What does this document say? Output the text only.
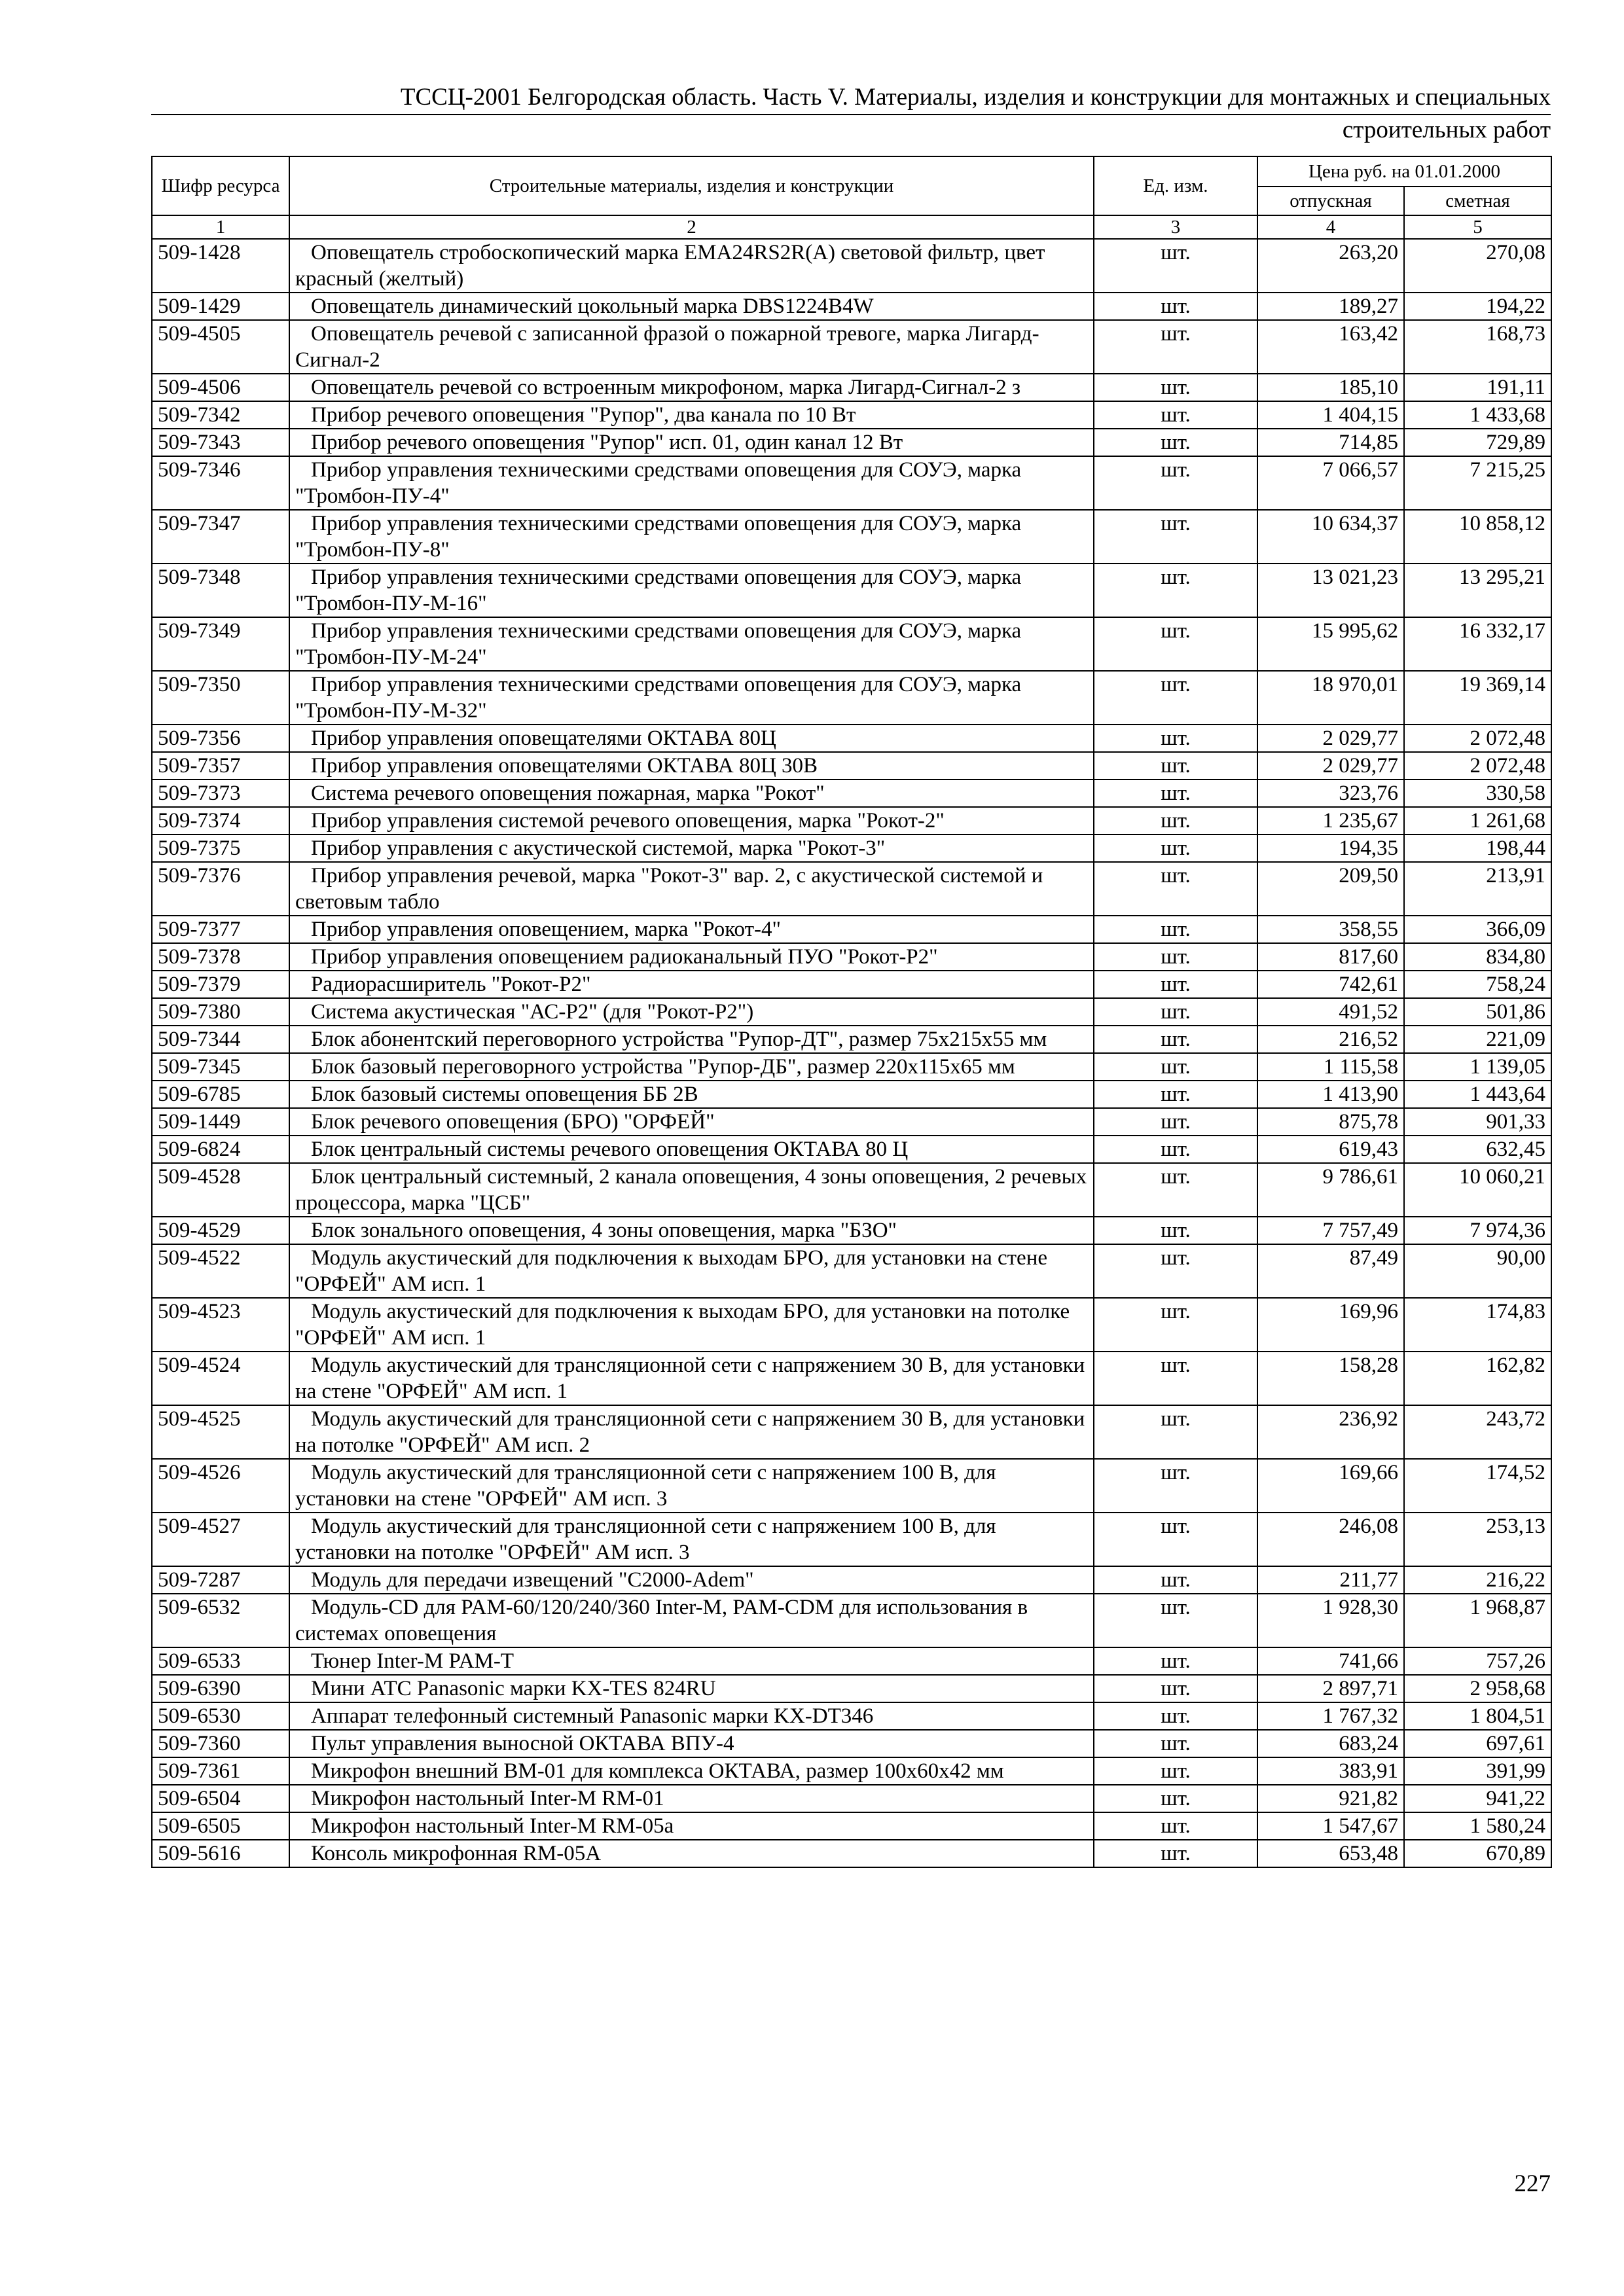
ТССЦ-2001 Белгородская область. Часть V. Материалы, изделия и конструкции для монтажных и специальных
строительных работ
Шифр ресурса	Строительные материалы, изделия и конструкции	Ед. изм.	Цена руб. на 01.01.2000	
			отпускная	сметная
1	2	3	4	5
509-1428	Оповещатель стробоскопический марка EMA24RS2R(A) световой фильтр, цвет красный (желтый)	шт.	263,20	270,08
509-1429	Оповещатель динамический цокольный марка DBS1224B4W	шт.	189,27	194,22
509-4505	Оповещатель речевой с записанной фразой о пожарной тревоге, марка Лигард-Сигнал-2	шт.	163,42	168,73
509-4506	Оповещатель речевой со встроенным микрофоном, марка Лигард-Сигнал-2 з	шт.	185,10	191,11
509-7342	Прибор речевого оповещения "Рупор", два канала по 10 Вт	шт.	1 404,15	1 433,68
509-7343	Прибор речевого оповещения "Рупор" исп. 01, один канал 12 Вт	шт.	714,85	729,89
509-7346	Прибор управления техническими средствами оповещения для СОУЭ, марка "Тромбон-ПУ-4"	шт.	7 066,57	7 215,25
509-7347	Прибор управления техническими средствами оповещения для СОУЭ, марка "Тромбон-ПУ-8"	шт.	10 634,37	10 858,12
509-7348	Прибор управления техническими средствами оповещения для СОУЭ, марка "Тромбон-ПУ-М-16"	шт.	13 021,23	13 295,21
509-7349	Прибор управления техническими средствами оповещения для СОУЭ, марка "Тромбон-ПУ-М-24"	шт.	15 995,62	16 332,17
509-7350	Прибор управления техническими средствами оповещения для СОУЭ, марка "Тромбон-ПУ-М-32"	шт.	18 970,01	19 369,14
509-7356	Прибор управления оповещателями ОКТАВА 80Ц	шт.	2 029,77	2 072,48
509-7357	Прибор управления оповещателями ОКТАВА 80Ц 30В	шт.	2 029,77	2 072,48
509-7373	Система речевого оповещения пожарная, марка "Рокот"	шт.	323,76	330,58
509-7374	Прибор управления системой речевого оповещения, марка "Рокот-2"	шт.	1 235,67	1 261,68
509-7375	Прибор управления с акустической системой, марка "Рокот-3"	шт.	194,35	198,44
509-7376	Прибор управления речевой, марка "Рокот-3" вар. 2, с акустической системой и световым табло	шт.	209,50	213,91
509-7377	Прибор управления оповещением, марка "Рокот-4"	шт.	358,55	366,09
509-7378	Прибор управления оповещением радиоканальный ПУО "Рокот-Р2"	шт.	817,60	834,80
509-7379	Радиорасширитель "Рокот-Р2"	шт.	742,61	758,24
509-7380	Система акустическая "АС-Р2" (для "Рокот-Р2")	шт.	491,52	501,86
509-7344	Блок абонентский переговорного устройства "Рупор-ДТ", размер 75x215x55 мм	шт.	216,52	221,09
509-7345	Блок базовый переговорного устройства "Рупор-ДБ", размер 220x115x65 мм	шт.	1 115,58	1 139,05
509-6785	Блок базовый системы оповещения ББ 2В	шт.	1 413,90	1 443,64
509-1449	Блок речевого оповещения (БРО) "ОРФЕЙ"	шт.	875,78	901,33
509-6824	Блок центральный системы речевого оповещения ОКТАВА 80 Ц	шт.	619,43	632,45
509-4528	Блок центральный системный, 2 канала оповещения, 4 зоны оповещения, 2 речевых процессора, марка "ЦСБ"	шт.	9 786,61	10 060,21
509-4529	Блок зонального оповещения, 4 зоны оповещения, марка "БЗО"	шт.	7 757,49	7 974,36
509-4522	Модуль акустический для подключения к выходам БРО, для установки на стене "ОРФЕЙ" АМ исп. 1	шт.	87,49	90,00
509-4523	Модуль акустический для подключения к выходам БРО, для установки на потолке "ОРФЕЙ" АМ исп. 1	шт.	169,96	174,83
509-4524	Модуль акустический для трансляционной сети с напряжением 30 В, для установки на стене "ОРФЕЙ" АМ исп. 1	шт.	158,28	162,82
509-4525	Модуль акустический для трансляционной сети с напряжением 30 В, для установки на потолке "ОРФЕЙ" АМ исп. 2	шт.	236,92	243,72
509-4526	Модуль акустический для трансляционной сети с напряжением 100 В, для установки на стене "ОРФЕЙ" АМ исп. 3	шт.	169,66	174,52
509-4527	Модуль акустический для трансляционной сети с напряжением 100 В, для установки на потолке "ОРФЕЙ" АМ исп. 3	шт.	246,08	253,13
509-7287	Модуль для передачи извещений "С2000-Adem"	шт.	211,77	216,22
509-6532	Модуль-CD для PAM-60/120/240/360 Inter-M, PAM-CDM для использования в системах оповещения	шт.	1 928,30	1 968,87
509-6533	Тюнер Inter-M PAM-T	шт.	741,66	757,26
509-6390	Мини АТС Panasonic марки KX-TES 824RU	шт.	2 897,71	2 958,68
509-6530	Аппарат телефонный системный Panasonic марки KX-DT346	шт.	1 767,32	1 804,51
509-7360	Пульт управления выносной ОКТАВА ВПУ-4	шт.	683,24	697,61
509-7361	Микрофон внешний ВМ-01 для комплекса ОКТАВА, размер 100x60x42 мм	шт.	383,91	391,99
509-6504	Микрофон настольный Inter-M RM-01	шт.	921,82	941,22
509-6505	Микрофон настольный Inter-M RM-05a	шт.	1 547,67	1 580,24
509-5616	Консоль микрофонная RM-05A	шт.	653,48	670,89
227
